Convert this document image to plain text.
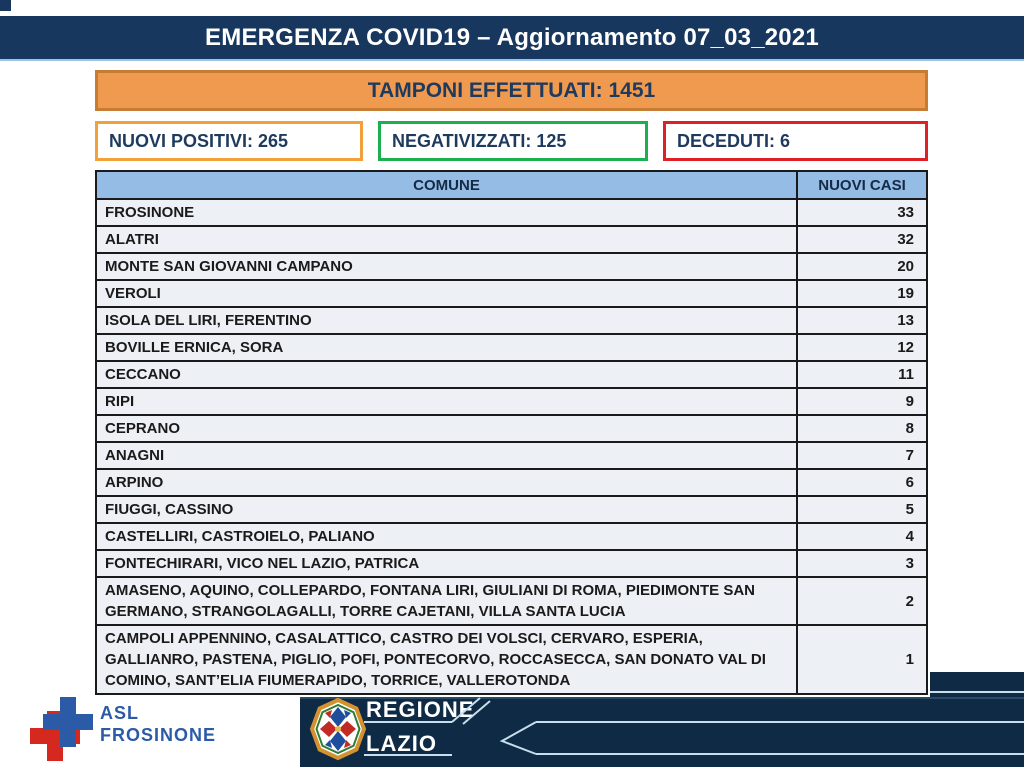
EMERGENZA COVID19 – Aggiornamento 07_03_2021
TAMPONI EFFETTUATI: 1451
NUOVI POSITIVI: 265	NEGATIVIZZATI: 125	DECEDUTI: 6
COMUNE	NUOVI CASI
FROSINONE	33
ALATRI	32
MONTE SAN GIOVANNI CAMPANO	20
VEROLI	19
ISOLA DEL LIRI, FERENTINO	13
BOVILLE ERNICA, SORA	12
CECCANO	11
RIPI	9
CEPRANO	8
ANAGNI	7
ARPINO	6
FIUGGI, CASSINO	5
CASTELLIRI, CASTROIELO, PALIANO	4
FONTECHIRARI, VICO NEL LAZIO, PATRICA	3
AMASENO, AQUINO, COLLEPARDO, FONTANA LIRI, GIULIANI DI ROMA, PIEDIMONTE SAN GERMANO, STRANGOLAGALLI, TORRE CAJETANI, VILLA SANTA LUCIA	2
CAMPOLI APPENNINO, CASALATTICO, CASTRO DEI VOLSCI, CERVARO, ESPERIA, GALLIANRO, PASTENA, PIGLIO, POFI, PONTECORVO, ROCCASECCA, SAN DONATO VAL DI COMINO, SANT’ELIA FIUMERAPIDO, TORRICE, VALLEROTONDA	1
ASL
FROSINONE
REGIONE
LAZIO
